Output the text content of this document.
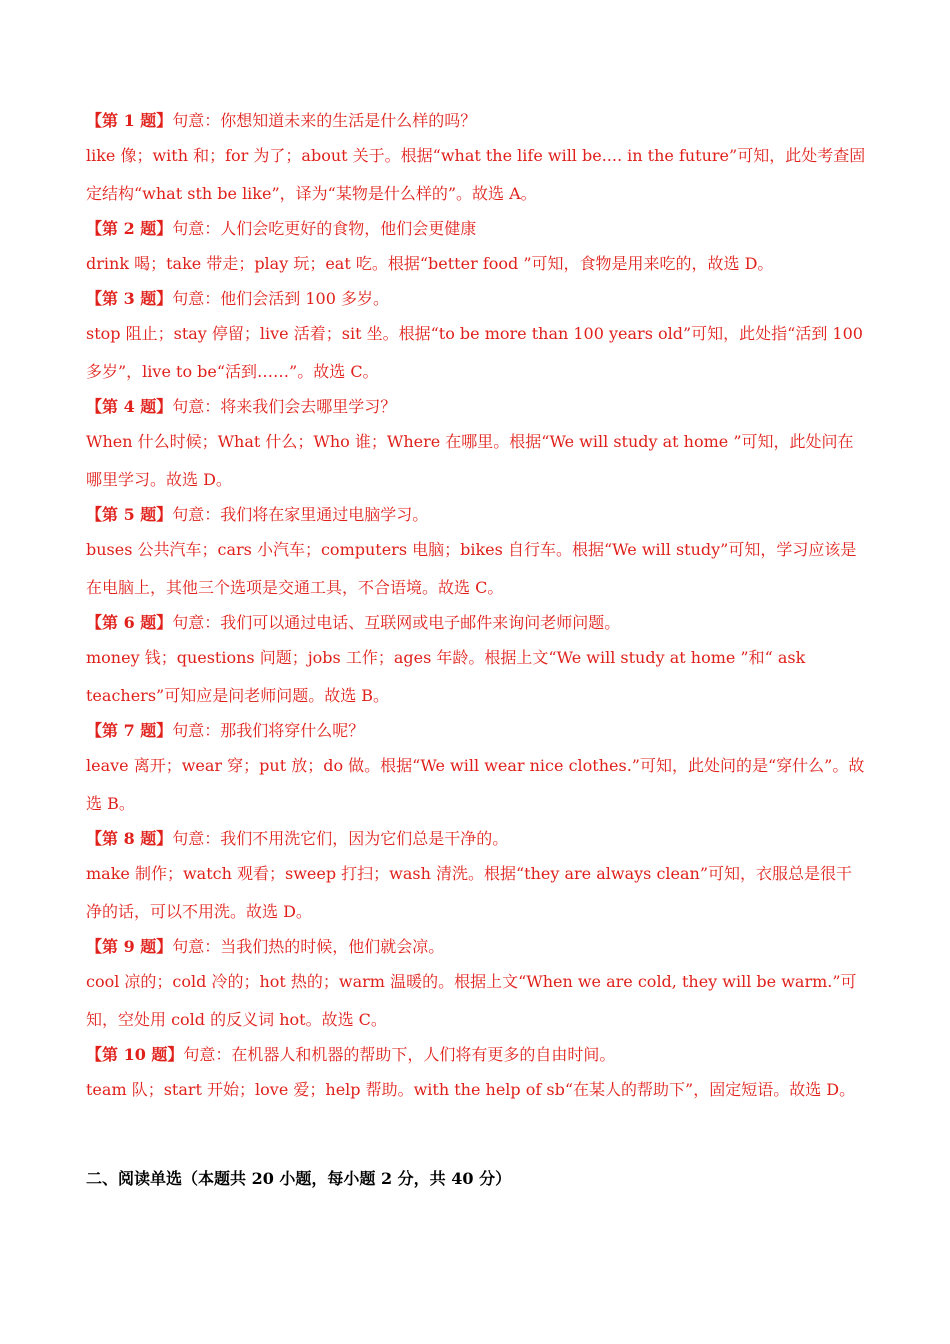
【第 1 题】句意：你想知道未来的生活是什么样的吗？

like 像；with 和；for 为了；about 关于。根据“what the life will be.... in the future”可知，此处考查固定结构“what sth be like”，译为“某物是什么样的”。故选 A。

【第 2 题】句意：人们会吃更好的食物，他们会更健康

drink 喝；take 带走；play 玩；eat 吃。根据“better food ”可知，食物是用来吃的，故选 D。

【第 3 题】句意：他们会活到 100 多岁。

stop 阻止；stay 停留；live 活着；sit 坐。根据“to be more than 100 years old”可知，此处指“活到 100 多岁”，live to be“活到……”。故选 C。

【第 4 题】句意：将来我们会去哪里学习？

When 什么时候；What 什么；Who 谁；Where 在哪里。根据“We will study at home ”可知，此处问在哪里学习。故选 D。

【第 5 题】句意：我们将在家里通过电脑学习。

buses 公共汽车；cars 小汽车；computers 电脑；bikes 自行车。根据“We will study”可知，学习应该是在电脑上，其他三个选项是交通工具，不合语境。故选 C。

【第 6 题】句意：我们可以通过电话、互联网或电子邮件来询问老师问题。

money 钱；questions 问题；jobs 工作；ages 年龄。根据上文“We will study at home ”和“ ask teachers”可知应是问老师问题。故选 B。

【第 7 题】句意：那我们将穿什么呢？

leave 离开；wear 穿；put 放；do 做。根据“We will wear nice clothes.”可知，此处问的是“穿什么”。故选 B。

【第 8 题】句意：我们不用洗它们，因为它们总是干净的。

make 制作；watch 观看；sweep 打扫；wash 清洗。根据“they are always clean”可知，衣服总是很干净的话，可以不用洗。故选 D。

【第 9 题】句意：当我们热的时候，他们就会凉。

cool 凉的；cold 冷的；hot 热的；warm 温暖的。根据上文“When we are cold, they will be warm.”可知，空处用 cold 的反义词 hot。故选 C。

【第 10 题】句意：在机器人和机器的帮助下，人们将有更多的自由时间。

team 队；start 开始；love 爱；help 帮助。with the help of sb“在某人的帮助下”，固定短语。故选 D。

二、阅读单选（本题共 20 小题，每小题 2 分，共 40 分）
